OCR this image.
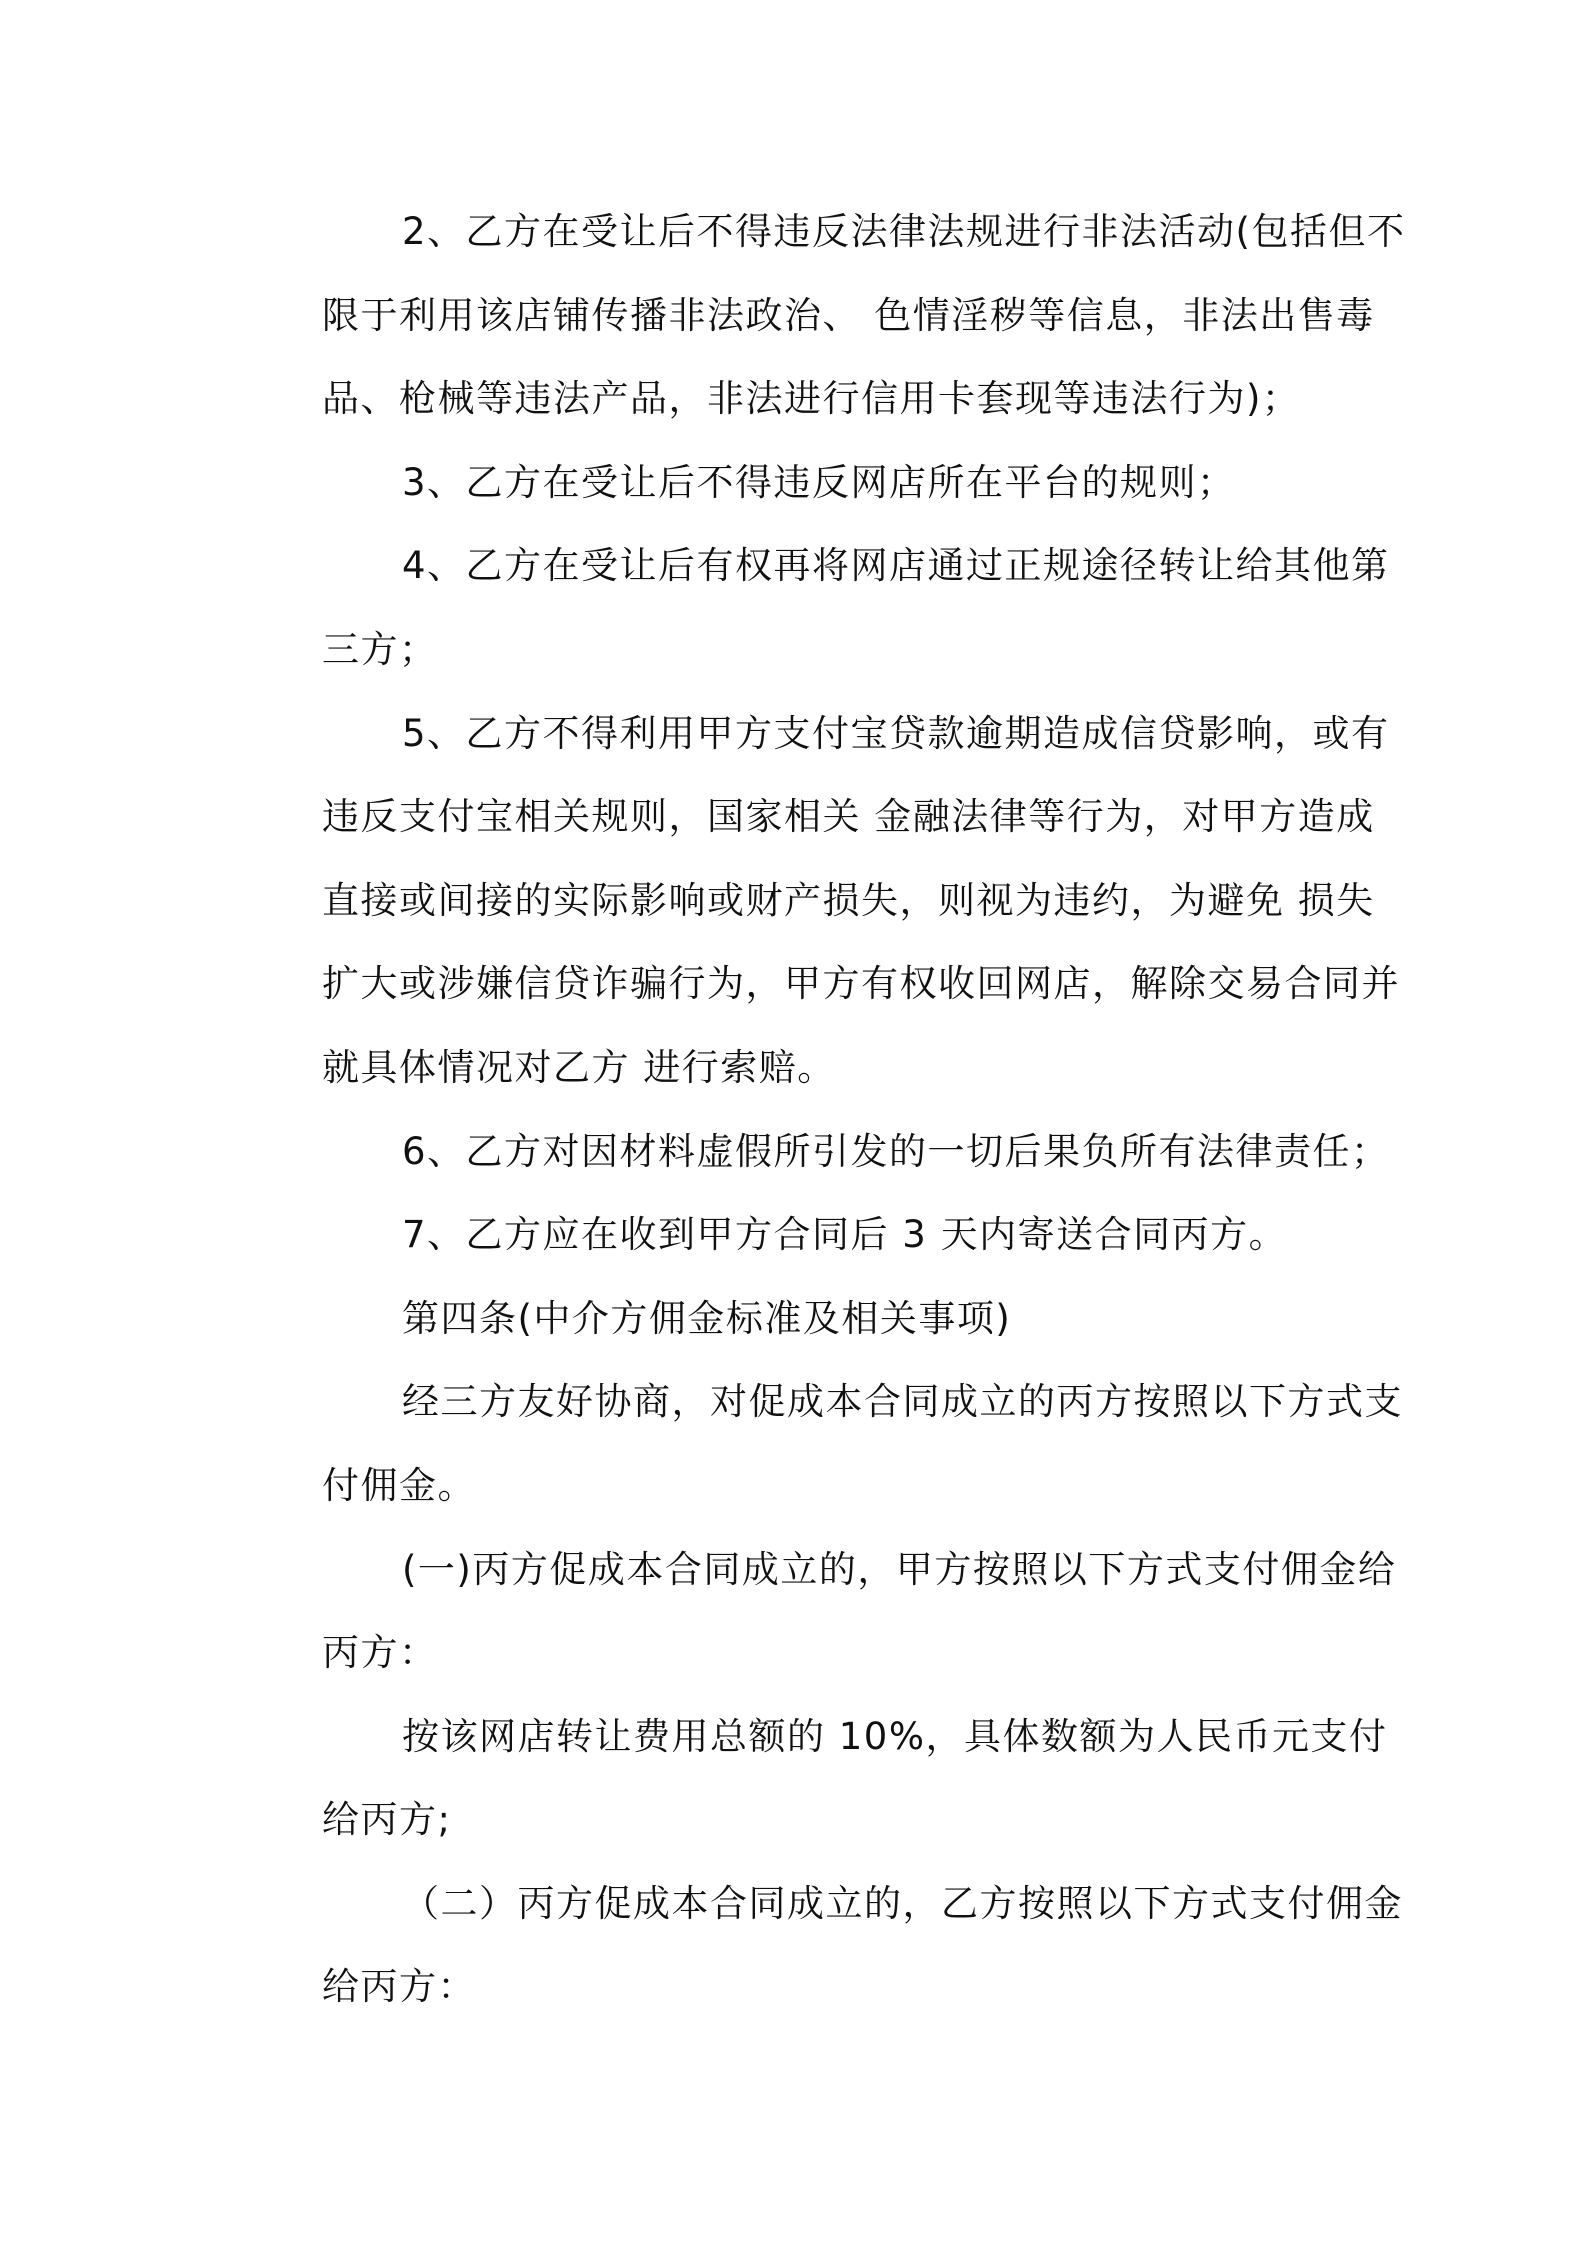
2、乙方在受让后不得违反法律法规进行非法活动(包括但不
限于利用该店铺传播非法政治、 色情淫秽等信息，非法出售毒
品、枪械等违法产品，非法进行信用卡套现等违法行为)；
3、乙方在受让后不得违反网店所在平台的规则；
4、乙方在受让后有权再将网店通过正规途径转让给其他第
三方；
5、乙方不得利用甲方支付宝贷款逾期造成信贷影响，或有
违反支付宝相关规则，国家相关 金融法律等行为，对甲方造成
直接或间接的实际影响或财产损失，则视为违约，为避免 损失
扩大或涉嫌信贷诈骗行为，甲方有权收回网店，解除交易合同并
就具体情况对乙方 进行索赔。
6、乙方对因材料虚假所引发的一切后果负所有法律责任；
7、乙方应在收到甲方合同后 3 天内寄送合同丙方。
第四条(中介方佣金标准及相关事项)
经三方友好协商，对促成本合同成立的丙方按照以下方式支
付佣金。
(一)丙方促成本合同成立的，甲方按照以下方式支付佣金给
丙方：
按该网店转让费用总额的 10%，具体数额为人民币元支付
给丙方;
（二）丙方促成本合同成立的，乙方按照以下方式支付佣金
给丙方：
